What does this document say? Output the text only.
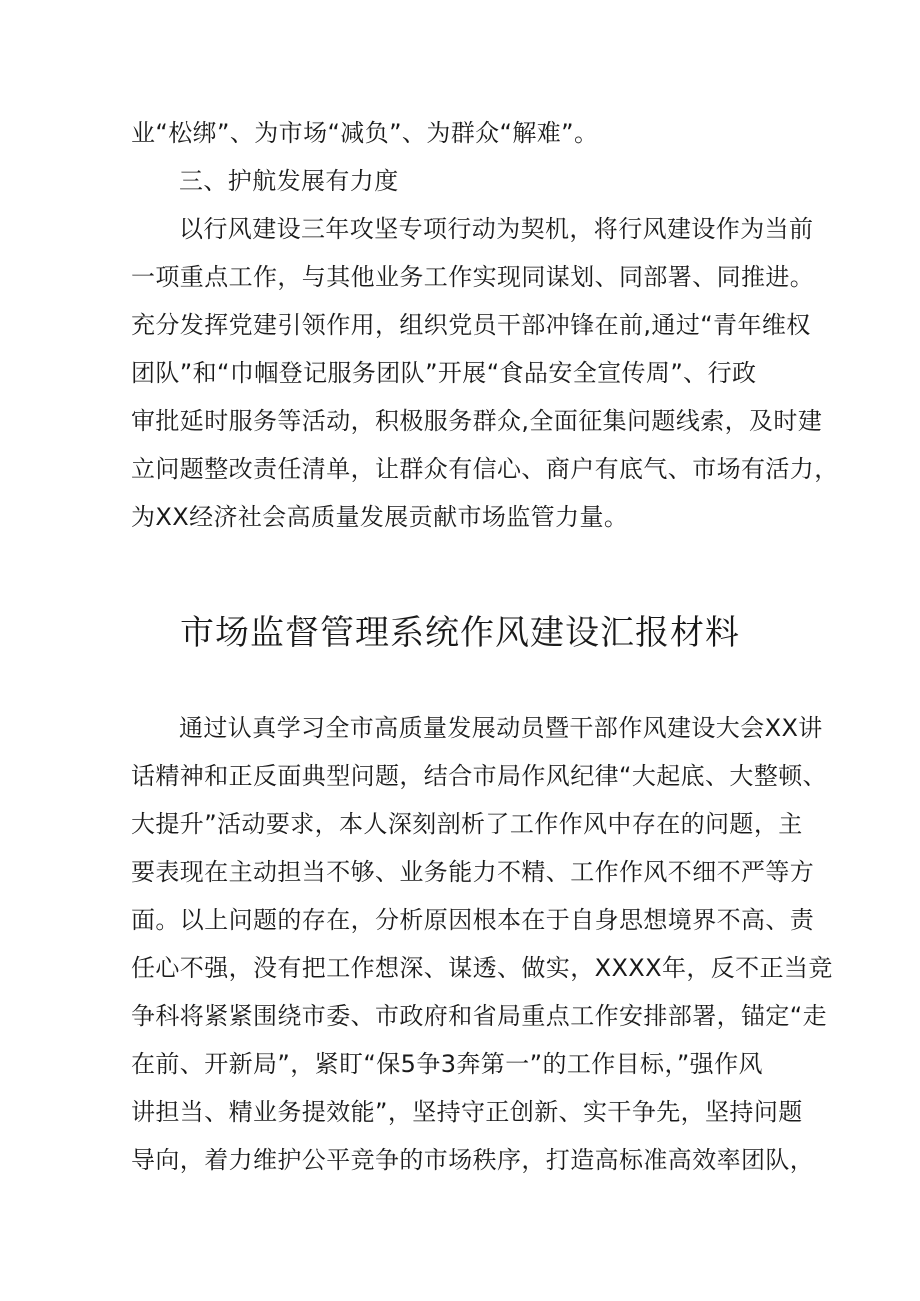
业“松绑”、为市场“减负”、为群众“解难”。
三、护航发展有力度
以行风建设三年攻坚专项行动为契机，将行风建设作为当前
一项重点工作，与其他业务工作实现同谋划、同部署、同推进。
充分发挥党建引领作用，组织党员干部冲锋在前,通过“青年维权
团队”和“巾帼登记服务团队”开展“食品安全宣传周”、行政
审批延时服务等活动，积极服务群众,全面征集问题线索，及时建
立问题整改责任清单，让群众有信心、商户有底气、市场有活力，
为XX经济社会高质量发展贡献市场监管力量。
市场监督管理系统作风建设汇报材料
通过认真学习全市高质量发展动员暨干部作风建设大会XX讲
话精神和正反面典型问题，结合市局作风纪律“大起底、大整顿、
大提升”活动要求，本人深刻剖析了工作作风中存在的问题，主
要表现在主动担当不够、业务能力不精、工作作风不细不严等方
面。以上问题的存在，分析原因根本在于自身思想境界不高、责
任心不强，没有把工作想深、谋透、做实，XXXX年，反不正当竞
争科将紧紧围绕市委、市政府和省局重点工作安排部署，锚定“走
在前、开新局”，紧盯“保5争3奔第一”的工作目标，”强作风
讲担当、精业务提效能”，坚持守正创新、实干争先，坚持问题
导向，着力维护公平竞争的市场秩序，打造高标准高效率团队，
